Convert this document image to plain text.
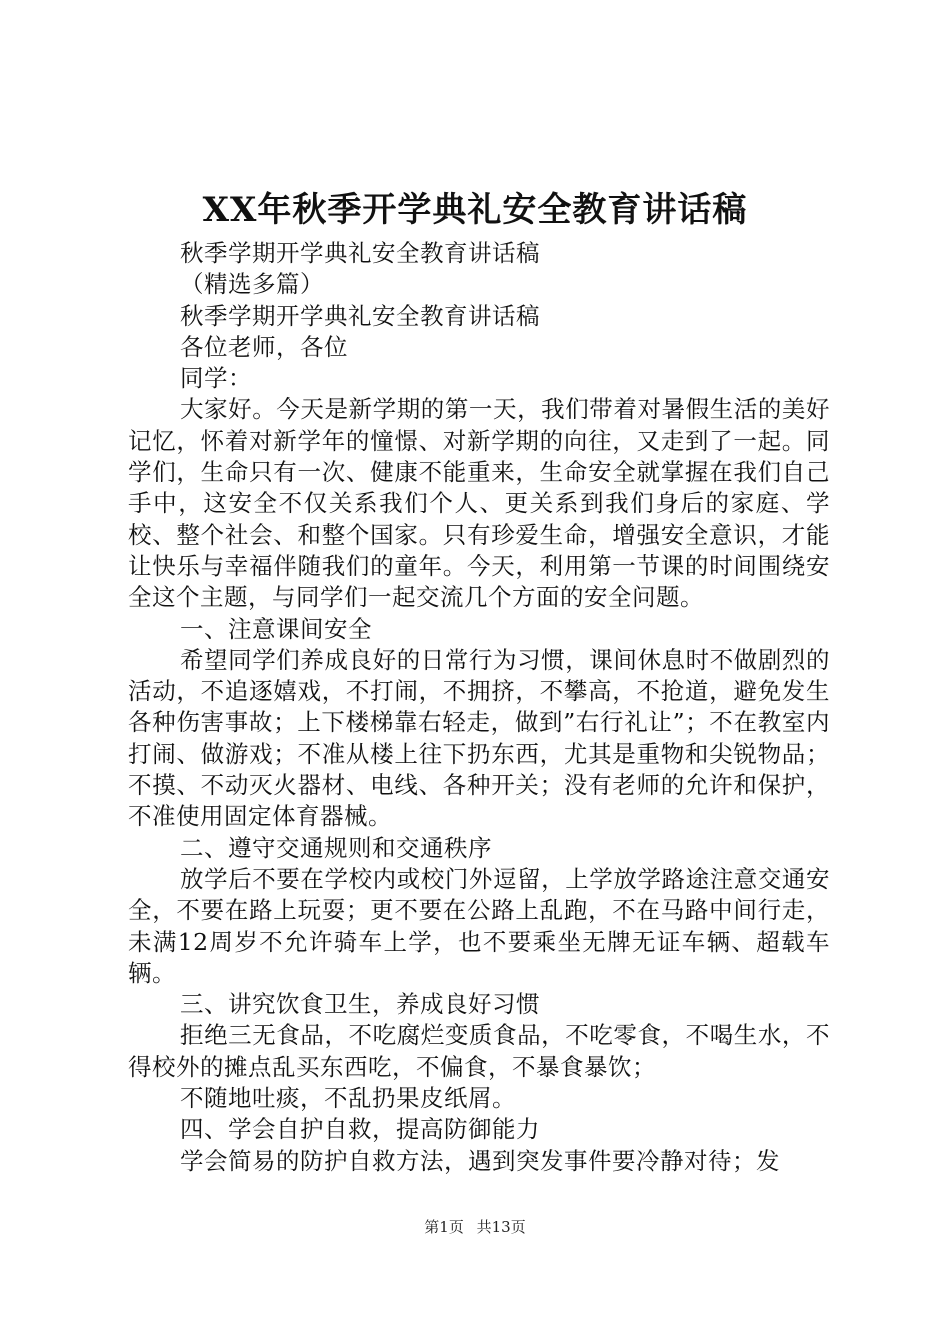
XX年秋季开学典礼安全教育讲话稿

秋季学期开学典礼安全教育讲话稿

（精选多篇）

秋季学期开学典礼安全教育讲话稿

各位老师，各位

同学：

大家好。今天是新学期的第一天，我们带着对暑假生活的美好记忆，怀着对新学年的憧憬、对新学期的向往，又走到了一起。同学们，生命只有一次、健康不能重来，生命安全就掌握在我们自己手中，这安全不仅关系我们个人、更关系到我们身后的家庭、学校、整个社会、和整个国家。只有珍爱生命，增强安全意识，才能让快乐与幸福伴随我们的童年。今天，利用第一节课的时间围绕安全这个主题，与同学们一起交流几个方面的安全问题。

一、注意课间安全

希望同学们养成良好的日常行为习惯，课间休息时不做剧烈的活动，不追逐嬉戏，不打闹，不拥挤，不攀高，不抢道，避免发生各种伤害事故；上下楼梯靠右轻走，做到”右行礼让”；不在教室内打闹、做游戏；不准从楼上往下扔东西，尤其是重物和尖锐物品；不摸、不动灭火器材、电线、各种开关；没有老师的允许和保护，不准使用固定体育器械。

二、遵守交通规则和交通秩序

放学后不要在学校内或校门外逗留，上学放学路途注意交通安全，不要在路上玩耍；更不要在公路上乱跑，不在马路中间行走，未满12周岁不允许骑车上学，也不要乘坐无牌无证车辆、超载车辆。

三、讲究饮食卫生，养成良好习惯

拒绝三无食品，不吃腐烂变质食品，不吃零食，不喝生水，不得校外的摊点乱买东西吃，不偏食，不暴食暴饮；

不随地吐痰，不乱扔果皮纸屑。

四、学会自护自救，提高防御能力

学会简易的防护自救方法，遇到突发事件要冷静对待；发

第1页 共13页
